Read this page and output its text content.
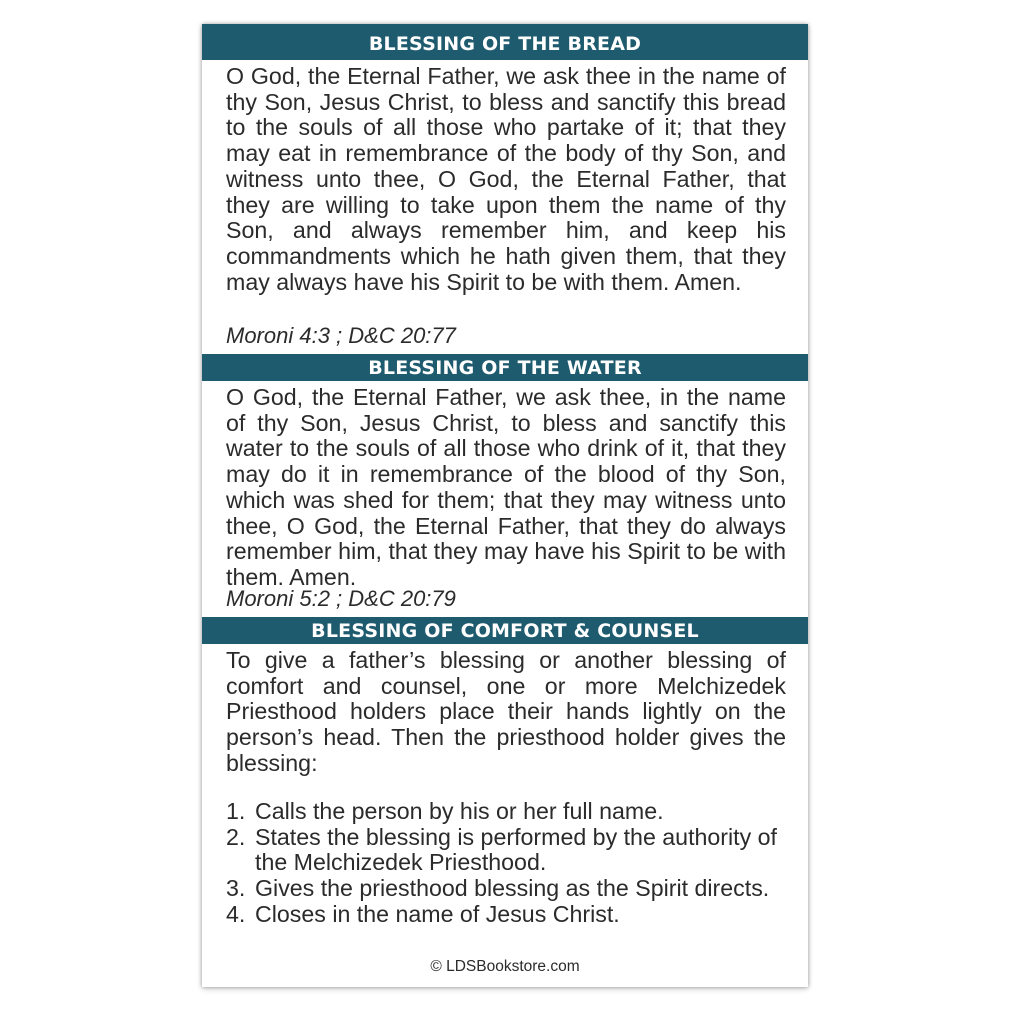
BLESSING OF THE BREAD
O God, the Eternal Father, we ask thee in the name of thy Son, Jesus Christ, to bless and sanctify this bread to the souls of all those who partake of it; that they may eat in remembrance of the body of thy Son, and witness unto thee, O God, the Eternal Father, that they are willing to take upon them the name of thy Son, and always remember him, and keep his commandments which he hath given them, that they may always have his Spirit to be with them. Amen.
Moroni 4:3 ; D&C 20:77
BLESSING OF THE WATER
O God, the Eternal Father, we ask thee, in the name of thy Son, Jesus Christ, to bless and sanctify this water to the souls of all those who drink of it, that they may do it in remembrance of the blood of thy Son, which was shed for them; that they may witness unto thee, O God, the Eternal Father, that they do always remember him, that they may have his Spirit to be with them. Amen.
Moroni 5:2 ; D&C 20:79
BLESSING OF COMFORT & COUNSEL
To give a father’s blessing or another blessing of comfort and counsel, one or more Melchizedek Priesthood holders place their hands lightly on the person’s head. Then the priesthood holder gives the blessing:
1. Calls the person by his or her full name.
2. States the blessing is performed by the authority of the Melchizedek Priesthood.
3. Gives the priesthood blessing as the Spirit directs.
4. Closes in the name of Jesus Christ.
© LDSBookstore.com
